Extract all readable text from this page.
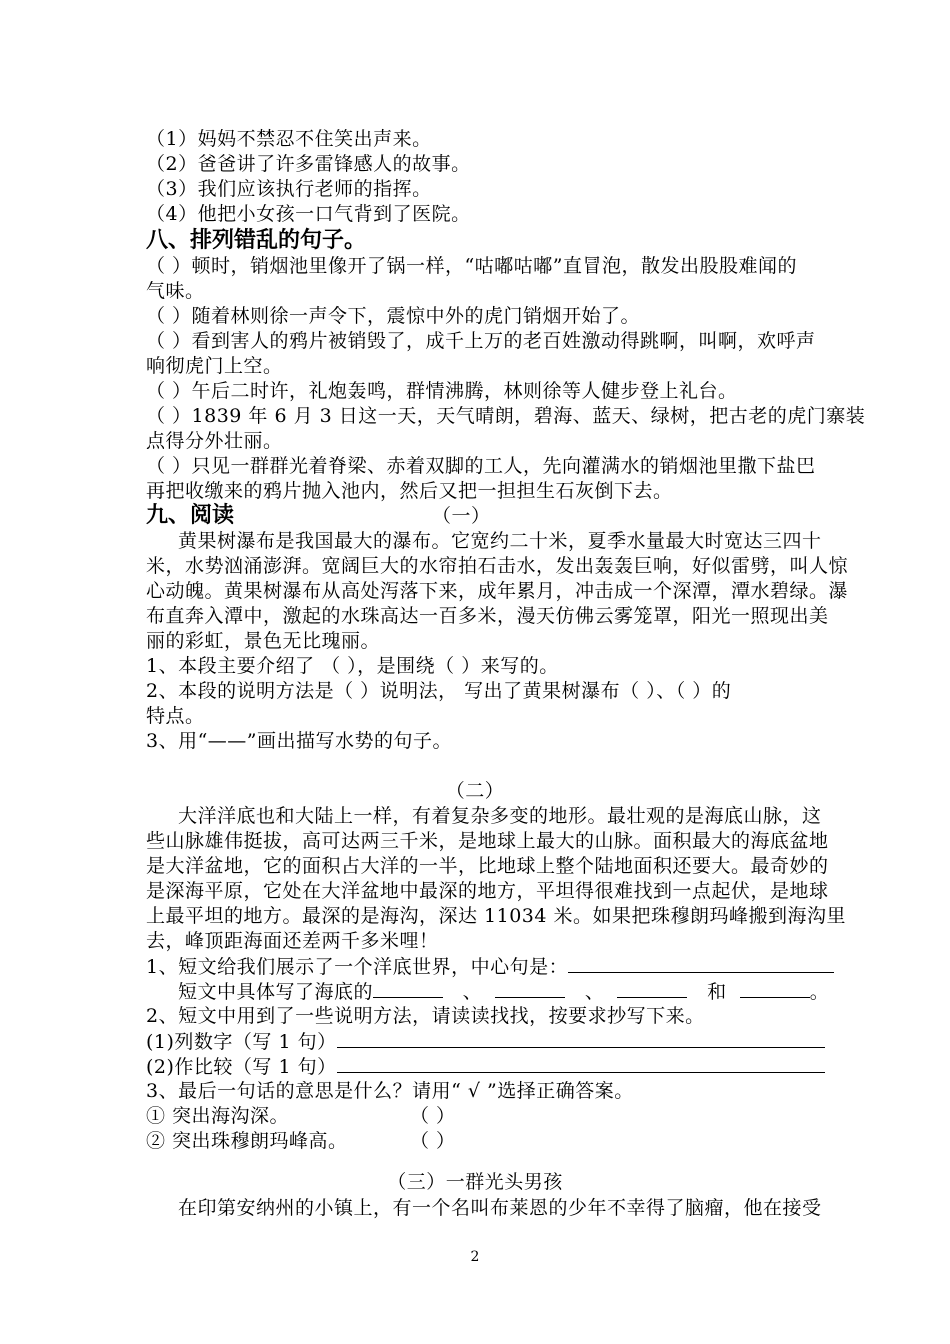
（1）妈妈不禁忍不住笑出声来。
（2）爸爸讲了许多雷锋感人的故事。
（3）我们应该执行老师的指挥。
（4）他把小女孩一口气背到了医院。
八、排列错乱的句子。
（ ）顿时，销烟池里像开了锅一样，“咕嘟咕嘟”直冒泡，散发出股股难闻的
气味。
（ ）随着林则徐一声令下，震惊中外的虎门销烟开始了。
（ ）看到害人的鸦片被销毁了，成千上万的老百姓激动得跳啊，叫啊，欢呼声
响彻虎门上空。
（ ）午后二时许，礼炮轰鸣，群情沸腾，林则徐等人健步登上礼台。
（ ）1839 年 6 月 3 日这一天，天气晴朗，碧海、蓝天、绿树，把古老的虎门寨装
点得分外壮丽。
（ ）只见一群群光着脊梁、赤着双脚的工人，先向灌满水的销烟池里撒下盐巴
再把收缴来的鸦片抛入池内，然后又把一担担生石灰倒下去。
九、阅读	（一）
黄果树瀑布是我国最大的瀑布。它宽约二十米，夏季水量最大时宽达三四十
米，水势汹涌澎湃。宽阔巨大的水帘拍石击水，发出轰轰巨响，好似雷劈，叫人惊
心动魄。黄果树瀑布从高处泻落下来，成年累月，冲击成一个深潭，潭水碧绿。瀑
布直奔入潭中，激起的水珠高达一百多米，漫天仿佛云雾笼罩，阳光一照现出美
丽的彩虹，景色无比瑰丽。
1、本段主要介绍了 （ ），是围绕（ ）来写的。
2、本段的说明方法是（ ）说明法， 写出了黄果树瀑布（ ）、（ ）的
特点。
3、用“——”画出描写水势的句子。
（二）
大洋洋底也和大陆上一样，有着复杂多变的地形。最壮观的是海底山脉，这
些山脉雄伟挺拔，高可达两三千米，是地球上最大的山脉。面积最大的海底盆地
是大洋盆地，它的面积占大洋的一半，比地球上整个陆地面积还要大。最奇妙的
是深海平原，它处在大洋盆地中最深的地方，平坦得很难找到一点起伏，是地球
上最平坦的地方。最深的是海沟，深达 11034 米。如果把珠穆朗玛峰搬到海沟里
去，峰顶距海面还差两千多米哩！
1、短文给我们展示了一个洋底世界，中心句是：
短文中具体写了海底的	、	、	和	。
2、短文中用到了一些说明方法，请读读找找，按要求抄写下来。
(1)列数字（写 1 句）
(2)作比较（写 1 句）
3、最后一句话的意思是什么？请用“ √ ”选择正确答案。
① 突出海沟深。	（ ）
② 突出珠穆朗玛峰高。	（ ）
（三）一群光头男孩
在印第安纳州的小镇上，有一个名叫布莱恩的少年不幸得了脑瘤，他在接受
2
